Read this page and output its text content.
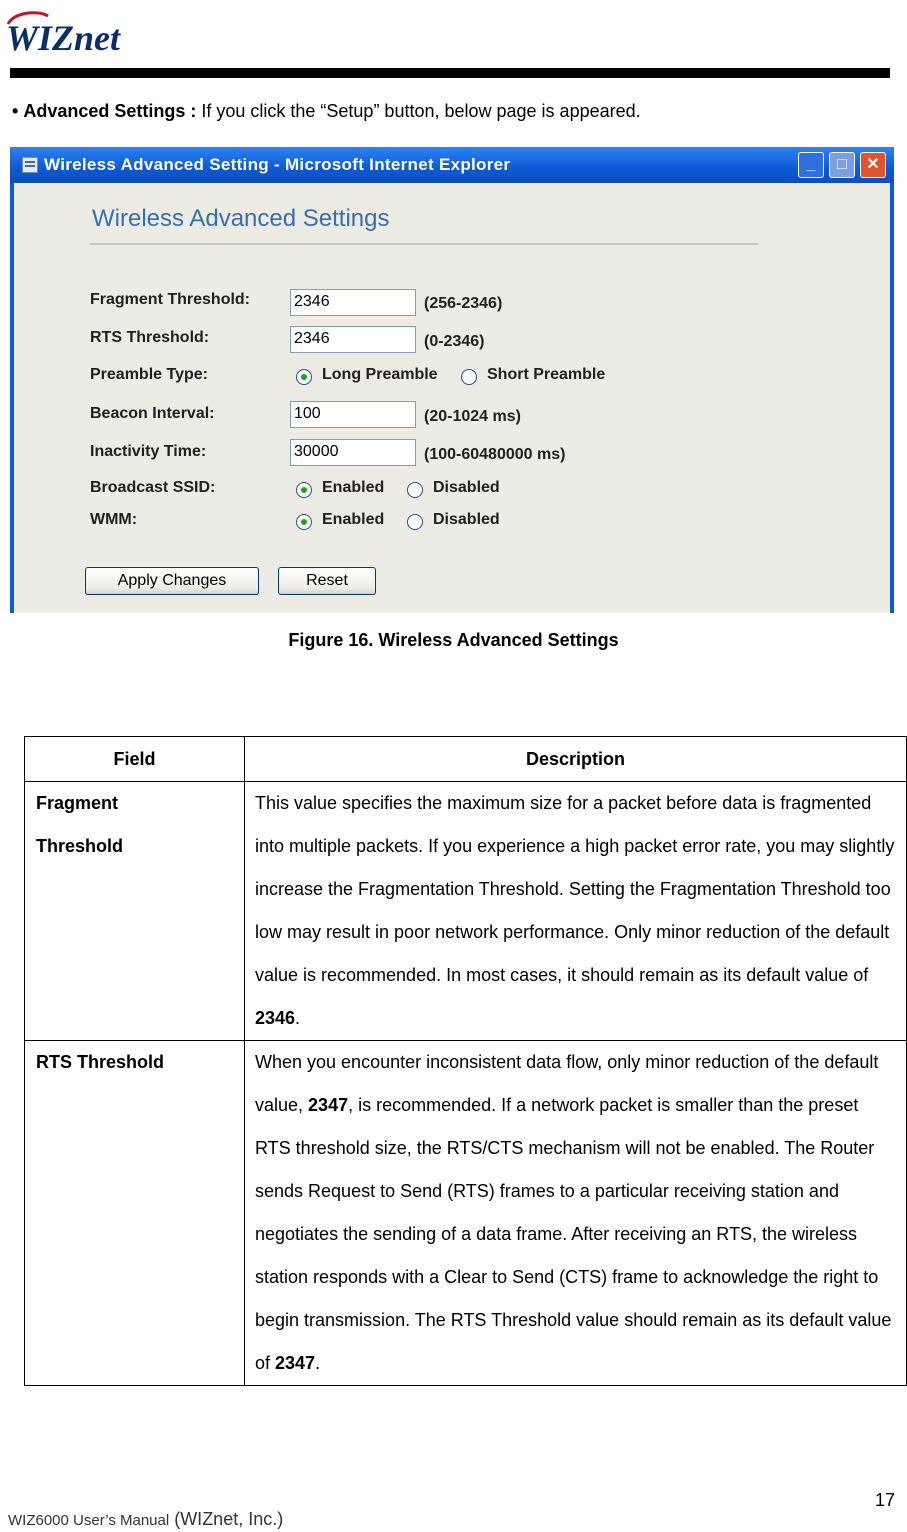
WIZnet
• Advanced Settings : If you click the “Setup” button, below page is appeared.
Wireless Advanced Setting - Microsoft Internet Explorer	_	□	✕
Wireless Advanced Settings
Fragment Threshold:	2346	(256-2346)
RTS Threshold:	2346	(0-2346)
Preamble Type:	Long Preamble	Short Preamble
Beacon Interval:	100	(20-1024 ms)
Inactivity Time:	30000	(100-60480000 ms)
Broadcast SSID:	Enabled	Disabled
WMM:	Enabled	Disabled
Apply Changes	Reset
Figure 16. Wireless Advanced Settings
Field	Description

Fragment
Threshold	This value specifies the maximum size for a packet before data is fragmented into multiple packets. If you experience a high packet error rate, you may slightly increase the Fragmentation Threshold. Setting the Fragmentation Threshold too low may result in poor network performance. Only minor reduction of the default value is recommended. In most cases, it should remain as its default value of 2346.

RTS Threshold	When you encounter inconsistent data flow, only minor reduction of the default value, 2347, is recommended. If a network packet is smaller than the preset RTS threshold size, the RTS/CTS mechanism will not be enabled. The Router sends Request to Send (RTS) frames to a particular receiving station and negotiates the sending of a data frame. After receiving an RTS, the wireless station responds with a Clear to Send (CTS) frame to acknowledge the right to begin transmission. The RTS Threshold value should remain as its default value of 2347.
17
WIZ6000 User’s Manual (WIZnet, Inc.)
